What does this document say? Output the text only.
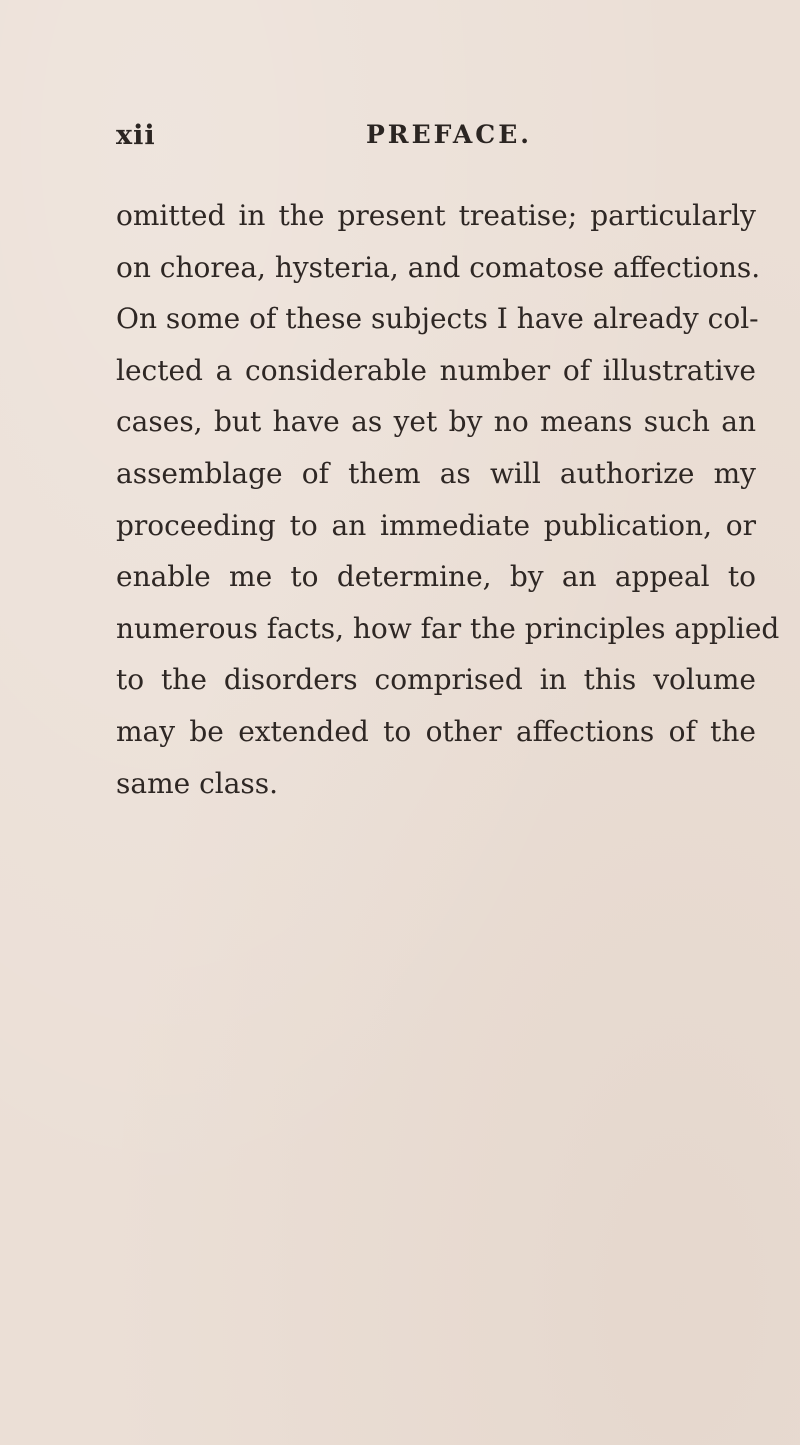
xii	PREFACE.
omitted in the present treatise; particularly
on chorea, hysteria, and comatose affections.
On some of these subjects I have already col-
lected a considerable number of illustrative
cases, but have as yet by no means such an
assemblage of them as will authorize my
proceeding to an immediate publication, or
enable me to determine, by an appeal to
numerous facts, how far the principles applied
to the disorders comprised in this volume
may be extended to other affections of the
same class.
